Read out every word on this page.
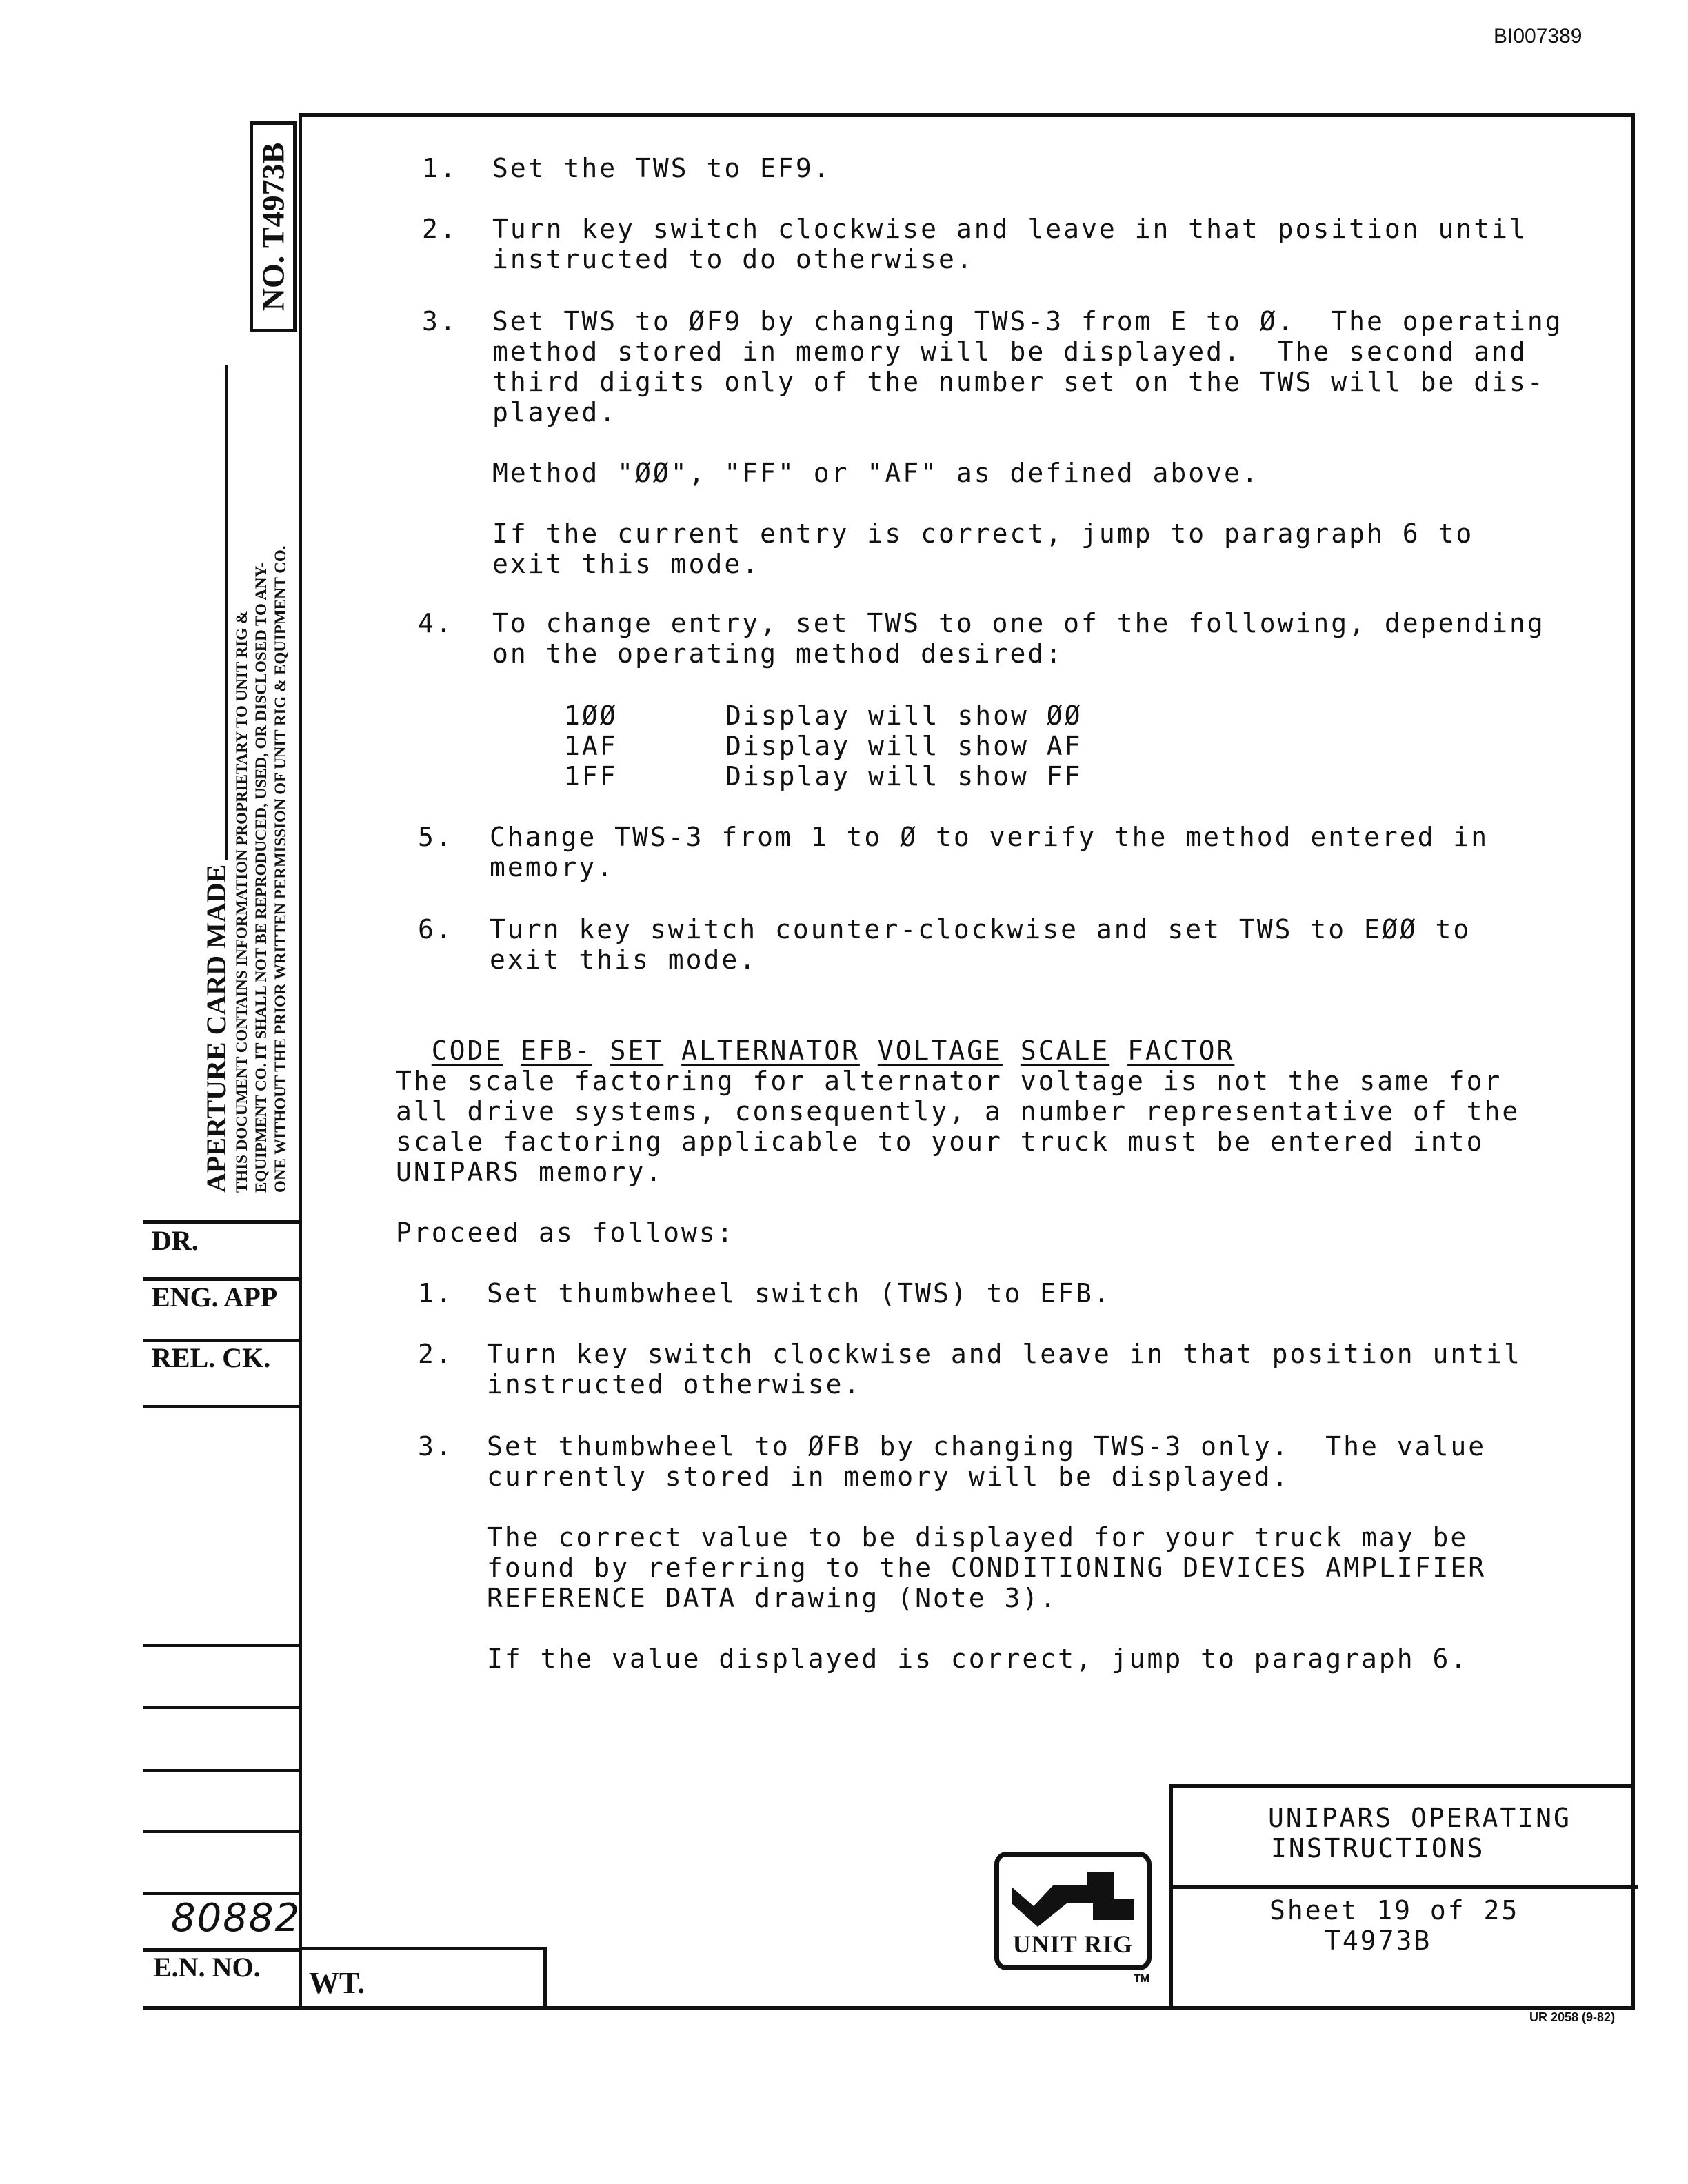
BI007389
NO. T4973B
APERTURE CARD MADE THIS DOCUMENT CONTAINS INFORMATION PROPRIETARY TO UNIT RIG & EQUIPMENT CO. IT SHALL NOT BE REPRODUCED, USED, OR DISCLOSED TO ANY- ONE WITHOUT THE PRIOR WRITTEN PERMISSION OF UNIT RIG & EQUIPMENT CO.
DR.
ENG. APP
REL. CK.
80882
E.N. NO. WT.
1. Set the TWS to EF9.
2. Turn key switch clockwise and leave in that position until
instructed to do otherwise.
3. Set TWS to ØF9 by changing TWS-3 from E to Ø.  The operating
method stored in memory will be displayed.  The second and
third digits only of the number set on the TWS will be dis-
played.
Method "ØØ", "FF" or "AF" as defined above.
If the current entry is correct, jump to paragraph 6 to
exit this mode.
4. To change entry, set TWS to one of the following, depending
on the operating method desired:
1ØØ	Display will show ØØ
1AF	Display will show AF
1FF	Display will show FF
5. Change TWS-3 from 1 to Ø to verify the method entered in
memory.
6. Turn key switch counter-clockwise and set TWS to EØØ to
exit this mode.

CODE EFB- SET ALTERNATOR VOLTAGE SCALE FACTOR

The scale factoring for alternator voltage is not the same for
all drive systems, consequently, a number representative of the
scale factoring applicable to your truck must be entered into
UNIPARS memory.
Proceed as follows:
1. Set thumbwheel switch (TWS) to EFB.
2. Turn key switch clockwise and leave in that position until
instructed otherwise.
3. Set thumbwheel to ØFB by changing TWS-3 only.  The value
currently stored in memory will be displayed.
The correct value to be displayed for your truck may be
found by referring to the CONDITIONING DEVICES AMPLIFIER
REFERENCE DATA drawing (Note 3).
If the value displayed is correct, jump to paragraph 6.
UNIPARS OPERATING
INSTRUCTIONS
Sheet 19 of 25
T4973B
UNIT RIG
TM
UR 2058 (9-82)
